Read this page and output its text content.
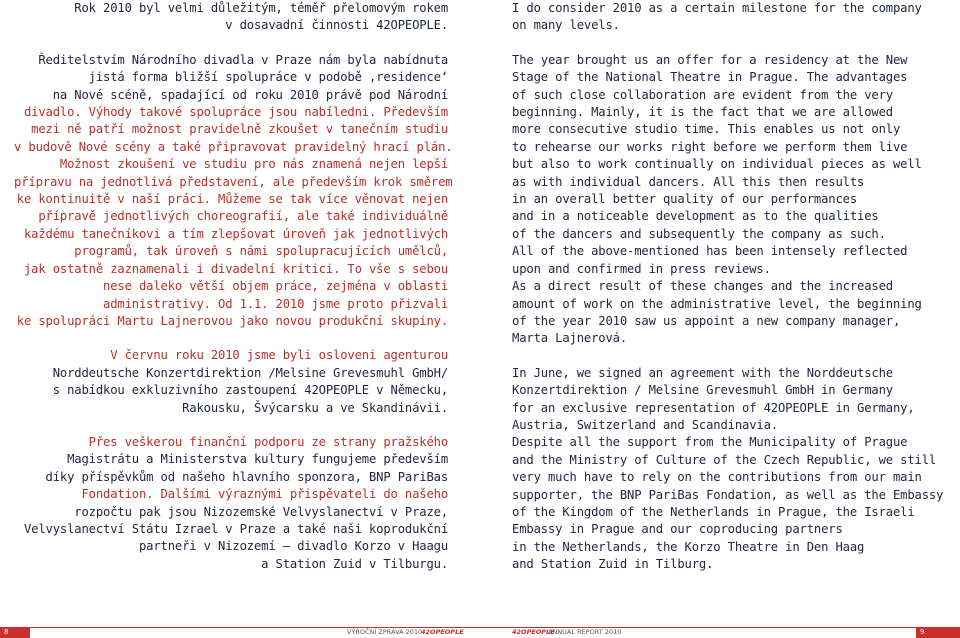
Rok 2010 byl velmi důležitým, téměř přelomovým rokem
v dosavadní činnosti 42OPEOPLE.
Ředitelstvím Národního divadla v Praze nám byla nabídnuta
jistá forma bližší spolupráce v podobě ‚residence‘
na Nové scéně, spadající od roku 2010 právě pod Národní
divadlo. Výhody takové spolupráce jsou nabíledni. Především
mezi ně patří možnost pravidelně zkoušet v tanečním studiu
v budově Nové scény a také připravovat pravidelný hrací plán.
Možnost zkoušení ve studiu pro nás znamená nejen lepší
přípravu na jednotlivá představení, ale především krok směrem
ke kontinuitě v naší práci. Můžeme se tak více věnovat nejen
přípravě jednotlivých choreografií, ale také individuálně
každému tanečníkovi a tím zlepšovat úroveň jak jednotlivých
programů, tak úroveň s námi spolupracujících umělců,
jak ostatně zaznamenali i divadelní kritici. To vše s sebou
nese daleko větší objem práce, zejména v oblasti
administrativy. Od 1.1. 2010 jsme proto přizvali
ke spolupráci Martu Lajnerovou jako novou produkční skupiny.
V červnu roku 2010 jsme byli osloveni agenturou
Norddeutsche Konzertdirektion /Melsine Grevesmuhl GmbH/
s nabídkou exkluzivního zastoupení 42OPEOPLE v Německu,
Rakousku, Švýcarsku a ve Skandinávii.
Přes veškerou finanční podporu ze strany pražského
Magistrátu a Ministerstva kultury fungujeme především
díky příspěvkům od našeho hlavního sponzora, BNP PariBas
Fondation. Dalšími výraznými přispěvateli do našeho
rozpočtu pak jsou Nizozemské Velvyslanectví v Praze,
Velvyslanectví Státu Izrael v Praze a také naši koprodukční
partneři v Nizozemí – divadlo Korzo v Haagu
a Station Zuid v Tilburgu.
I do consider 2010 as a certain milestone for the company
on many levels.
The year brought us an offer for a residency at the New
Stage of the National Theatre in Prague. The advantages
of such close collaboration are evident from the very
beginning. Mainly, it is the fact that we are allowed
more consecutive studio time. This enables us not only
to rehearse our works right before we perform them live
but also to work continually on individual pieces as well
as with individual dancers. All this then results
in an overall better quality of our performances
and in a noticeable development as to the qualities
of the dancers and subsequently the company as such.
All of the above-mentioned has been intensely reflected
upon and confirmed in press reviews.
As a direct result of these changes and the increased
amount of work on the administrative level, the beginning
of the year 2010 saw us appoint a new company manager,
Marta Lajnerová.
In June, we signed an agreement with the Norddeutsche
Konzertdirektion / Melsine Grevesmuhl GmbH in Germany
for an exclusive representation of 42OPEOPLE in Germany,
Austria, Switzerland and Scandinavia.
Despite all the support from the Municipality of Prague
and the Ministry of Culture of the Czech Republic, we still
very much have to rely on the contributions from our main
supporter, the BNP PariBas Fondation, as well as the Embassy
of the Kingdom of the Netherlands in Prague, the Israeli
Embassy in Prague and our coproducing partners
in the Netherlands, the Korzo Theatre in Den Haag
and Station Zuid in Tilburg.
8	VÝROČNÍ ZPRÁVA 2010
42OPEOPLE	42OPEOPLE
ANNUAL REPORT 2010	9
